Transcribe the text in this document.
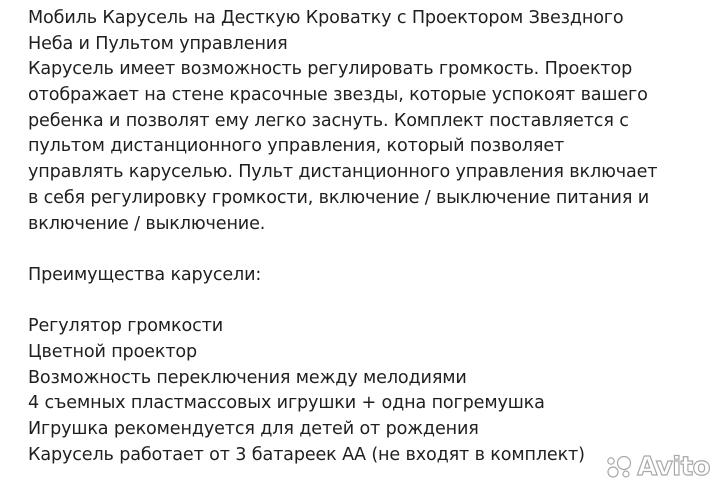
Мобиль Карусель на Десткую Кроватку с Проектором Звездного
Неба и Пультом управления
Карусель имеет возможность регулировать громкость. Проектор
отображает на стене красочные звезды, которые успокоят вашего
ребенка и позволят ему легко заснуть. Комплект поставляется с
пультом дистанционного управления, который позволяет
управлять каруселью. Пульт дистанционного управления включает
в себя регулировку громкости, включение / выключение питания и
включение / выключение.
Преимущества карусели:
Регулятор громкости
Цветной проектор
Возможность переключения между мелодиями
4 съемных пластмассовых игрушки + одна погремушка
Игрушка рекомендуется для детей от рождения
Карусель работает от 3 батареек АА (не входят в комплект)	Avito
